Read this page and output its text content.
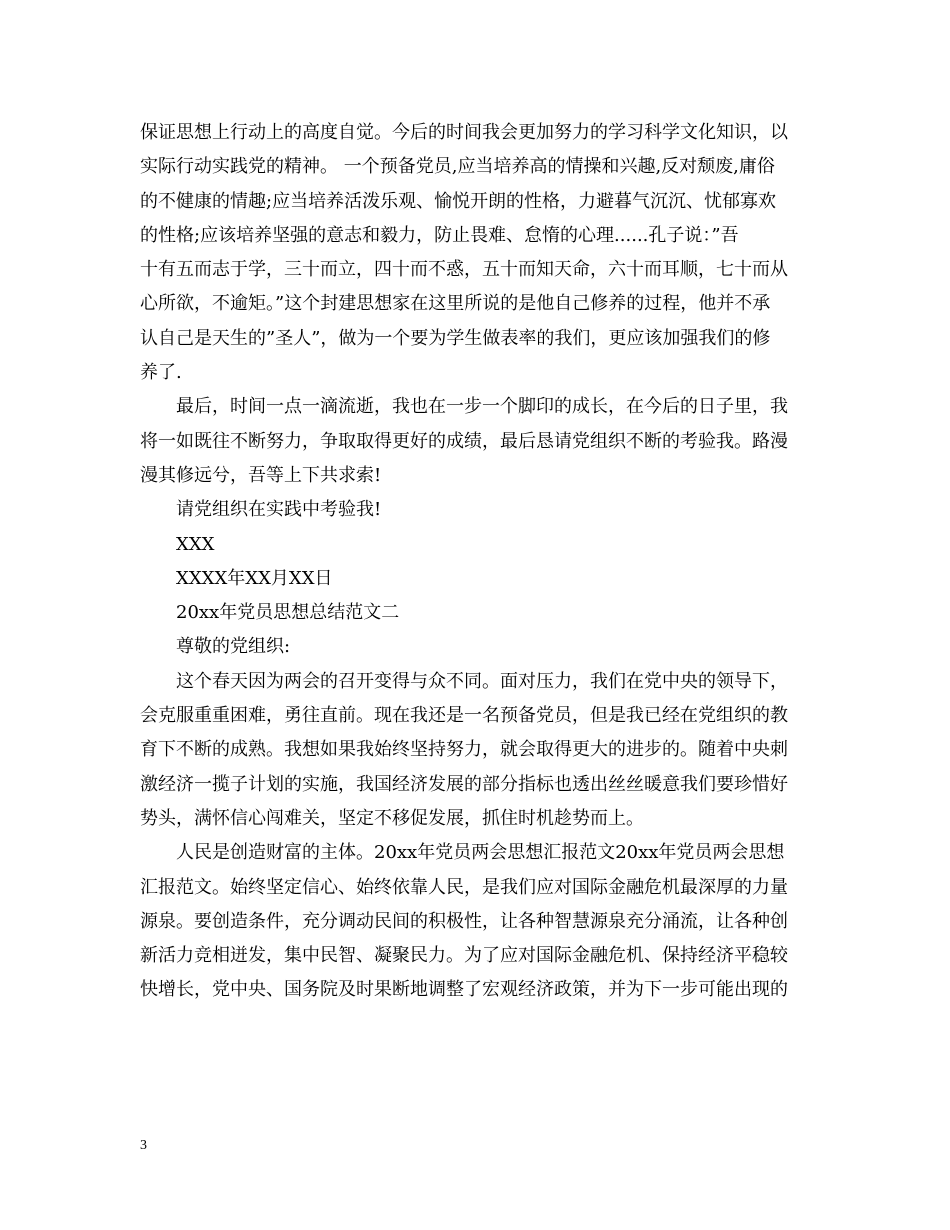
保证思想上行动上的高度自觉。今后的时间我会更加努力的学习科学文化知识，以
实际行动实践党的精神。 一个预备党员,应当培养高的情操和兴趣,反对颓废,庸俗
的不健康的情趣;应当培养活泼乐观、愉悦开朗的性格，力避暮气沉沉、忧郁寡欢
的性格;应该培养坚强的意志和毅力，防止畏难、怠惰的心理......孔子说：”吾
十有五而志于学，三十而立，四十而不惑，五十而知天命，六十而耳顺，七十而从
心所欲，不逾矩。”这个封建思想家在这里所说的是他自己修养的过程，他并不承
认自己是天生的”圣人”，做为一个要为学生做表率的我们，更应该加强我们的修
养了.
最后，时间一点一滴流逝，我也在一步一个脚印的成长，在今后的日子里，我
将一如既往不断努力，争取取得更好的成绩，最后恳请党组织不断的考验我。路漫
漫其修远兮，吾等上下共求索!
请党组织在实践中考验我!
XXX
XXXX年XX月XX日
20xx年党员思想总结范文二
尊敬的党组织:
这个春天因为两会的召开变得与众不同。面对压力，我们在党中央的领导下，
会克服重重困难，勇往直前。现在我还是一名预备党员，但是我已经在党组织的教
育下不断的成熟。我想如果我始终坚持努力，就会取得更大的进步的。随着中央刺
激经济一揽子计划的实施，我国经济发展的部分指标也透出丝丝暖意我们要珍惜好
势头，满怀信心闯难关，坚定不移促发展，抓住时机趁势而上。
人民是创造财富的主体。20xx年党员两会思想汇报范文20xx年党员两会思想
汇报范文。始终坚定信心、始终依靠人民，是我们应对国际金融危机最深厚的力量
源泉。要创造条件，充分调动民间的积极性，让各种智慧源泉充分涌流，让各种创
新活力竞相迸发，集中民智、凝聚民力。为了应对国际金融危机、保持经济平稳较
快增长，党中央、国务院及时果断地调整了宏观经济政策，并为下一步可能出现的
3
